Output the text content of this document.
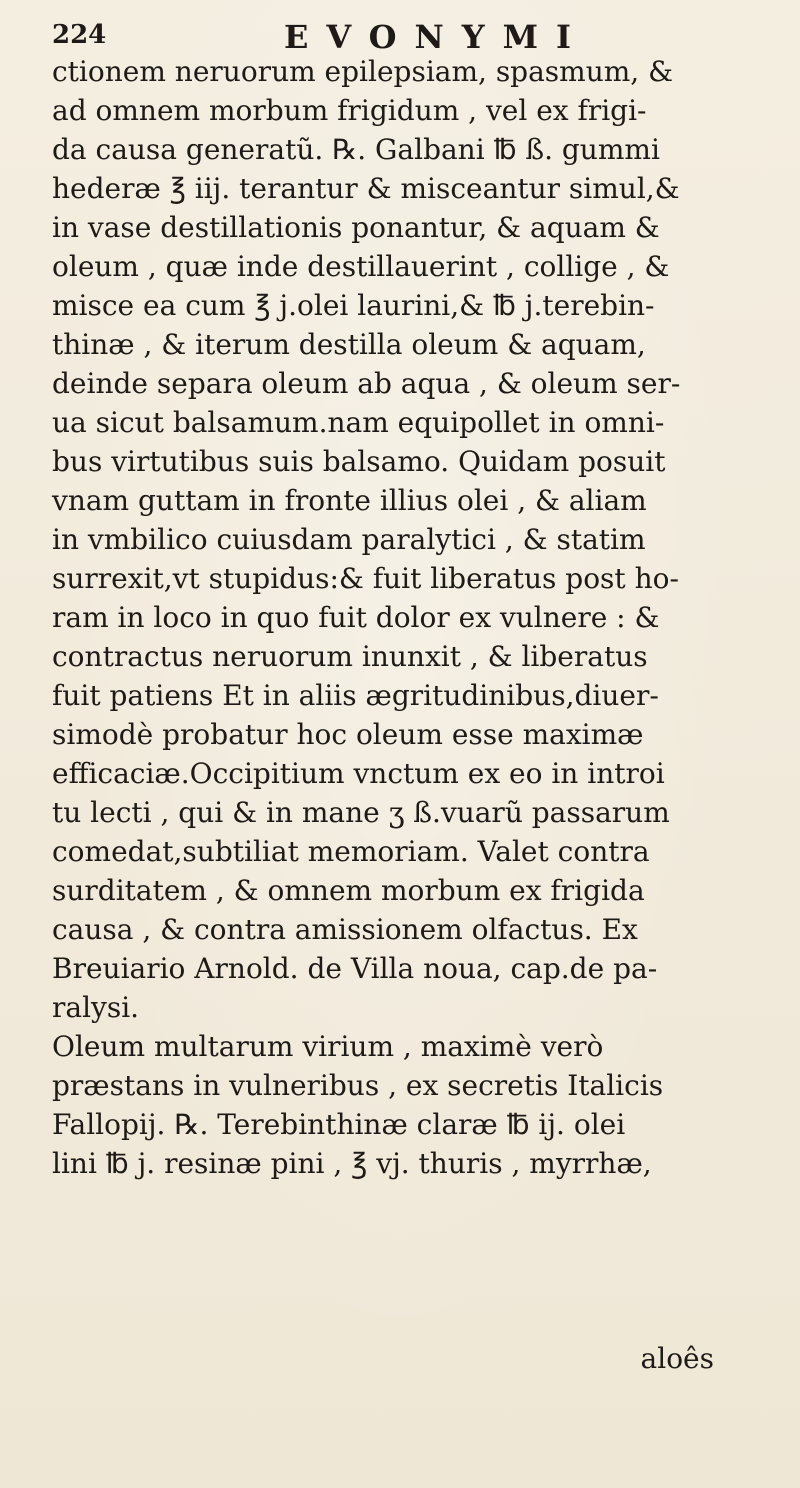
224	EVONYMI
ctionem neruorum epilepsiam, spasmum, &
ad omnem morbum frigidum , vel ex frigi-
da causa generatũ. ℞. Galbani ℔ ß. gummi
hederæ ℥ iij. terantur & misceantur simul,&
in vase destillationis ponantur, & aquam &
oleum , quæ inde destillauerint , collige , &
misce ea cum ℥ j.olei laurini,& ℔ j.terebin-
thinæ , & iterum destilla oleum & aquam,
deinde separa oleum ab aqua , & oleum ser-
ua sicut balsamum.nam equipollet in omni-
bus virtutibus suis balsamo. Quidam posuit
vnam guttam in fronte illius olei , & aliam
in vmbilico cuiusdam paralytici , & statim
surrexit,vt stupidus:& fuit liberatus post ho-
ram in loco in quo fuit dolor ex vulnere : &
contractus neruorum inunxit , & liberatus
fuit patiens Et in aliis ægritudinibus,diuer-
simodè probatur hoc oleum esse maximæ
efficaciæ.Occipitium vnctum ex eo in introi
tu lecti , qui & in mane ʒ ß.vuarũ passarum
comedat,subtiliat memoriam. Valet contra
surditatem , & omnem morbum ex frigida
causa , & contra amissionem olfactus. Ex
Breuiario Arnold. de Villa noua, cap.de pa-
ralysi.
Oleum multarum virium , maximè verò
præstans in vulneribus , ex secretis Italicis
Fallopij. ℞. Terebinthinæ claræ ℔ ij. olei
lini ℔ j. resinæ pini , ℥ vj. thuris , myrrhæ,
aloês
